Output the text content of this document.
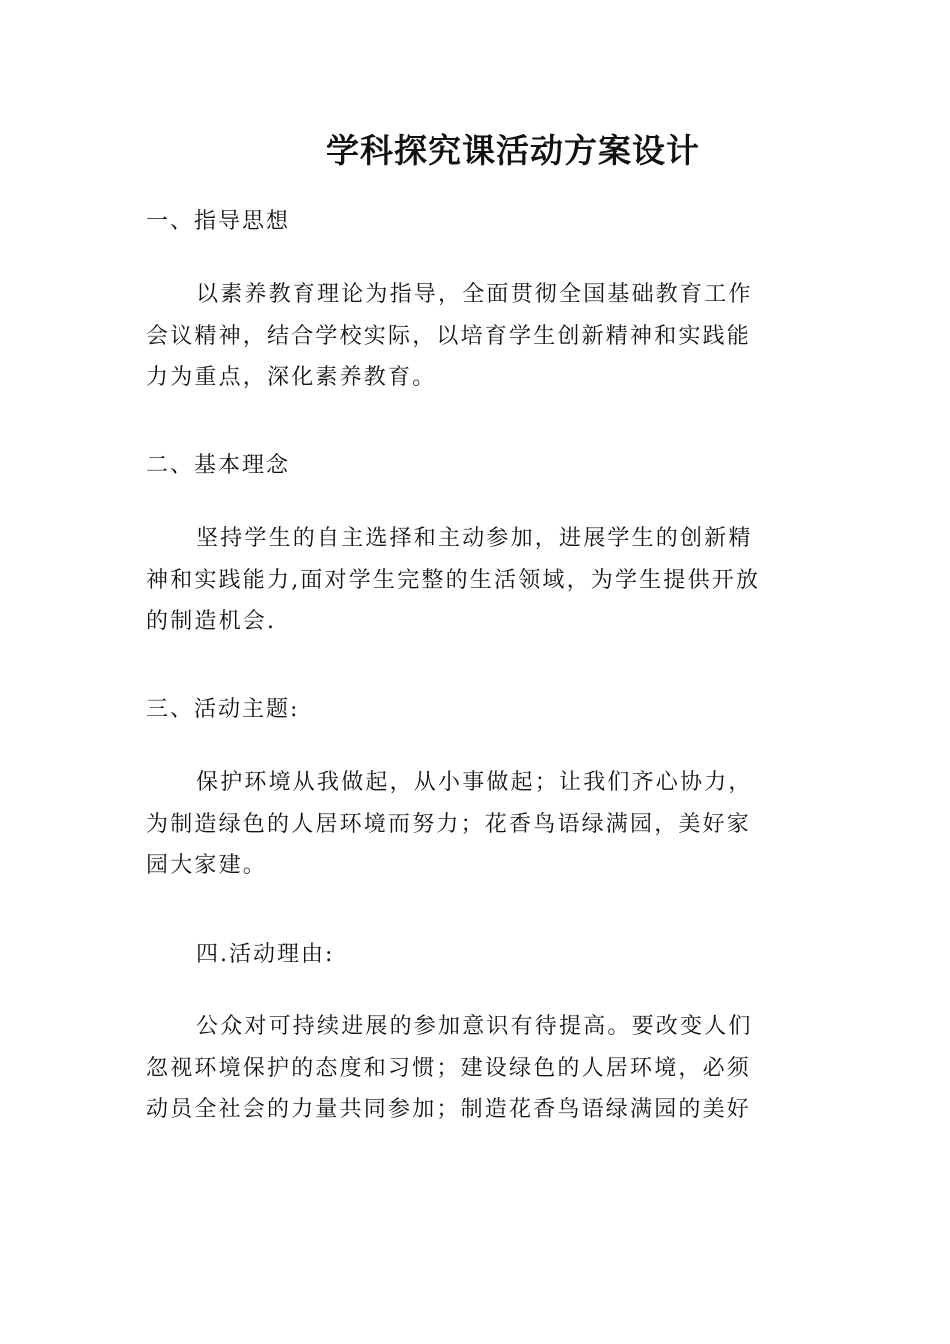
学科探究课活动方案设计
一、指导思想

以素养教育理论为指导，全面贯彻全国基础教育工作
会议精神，结合学校实际，以培育学生创新精神和实践能
力为重点，深化素养教育。

二、基本理念

坚持学生的自主选择和主动参加，进展学生的创新精
神和实践能力,面对学生完整的生活领域，为学生提供开放
的制造机会.

三、活动主题:

保护环境从我做起，从小事做起；让我们齐心协力，
为制造绿色的人居环境而努力；花香鸟语绿满园，美好家
园大家建。

四.活动理由:

公众对可持续进展的参加意识有待提高。要改变人们
忽视环境保护的态度和习惯；建设绿色的人居环境，必须
动员全社会的力量共同参加；制造花香鸟语绿满园的美好
